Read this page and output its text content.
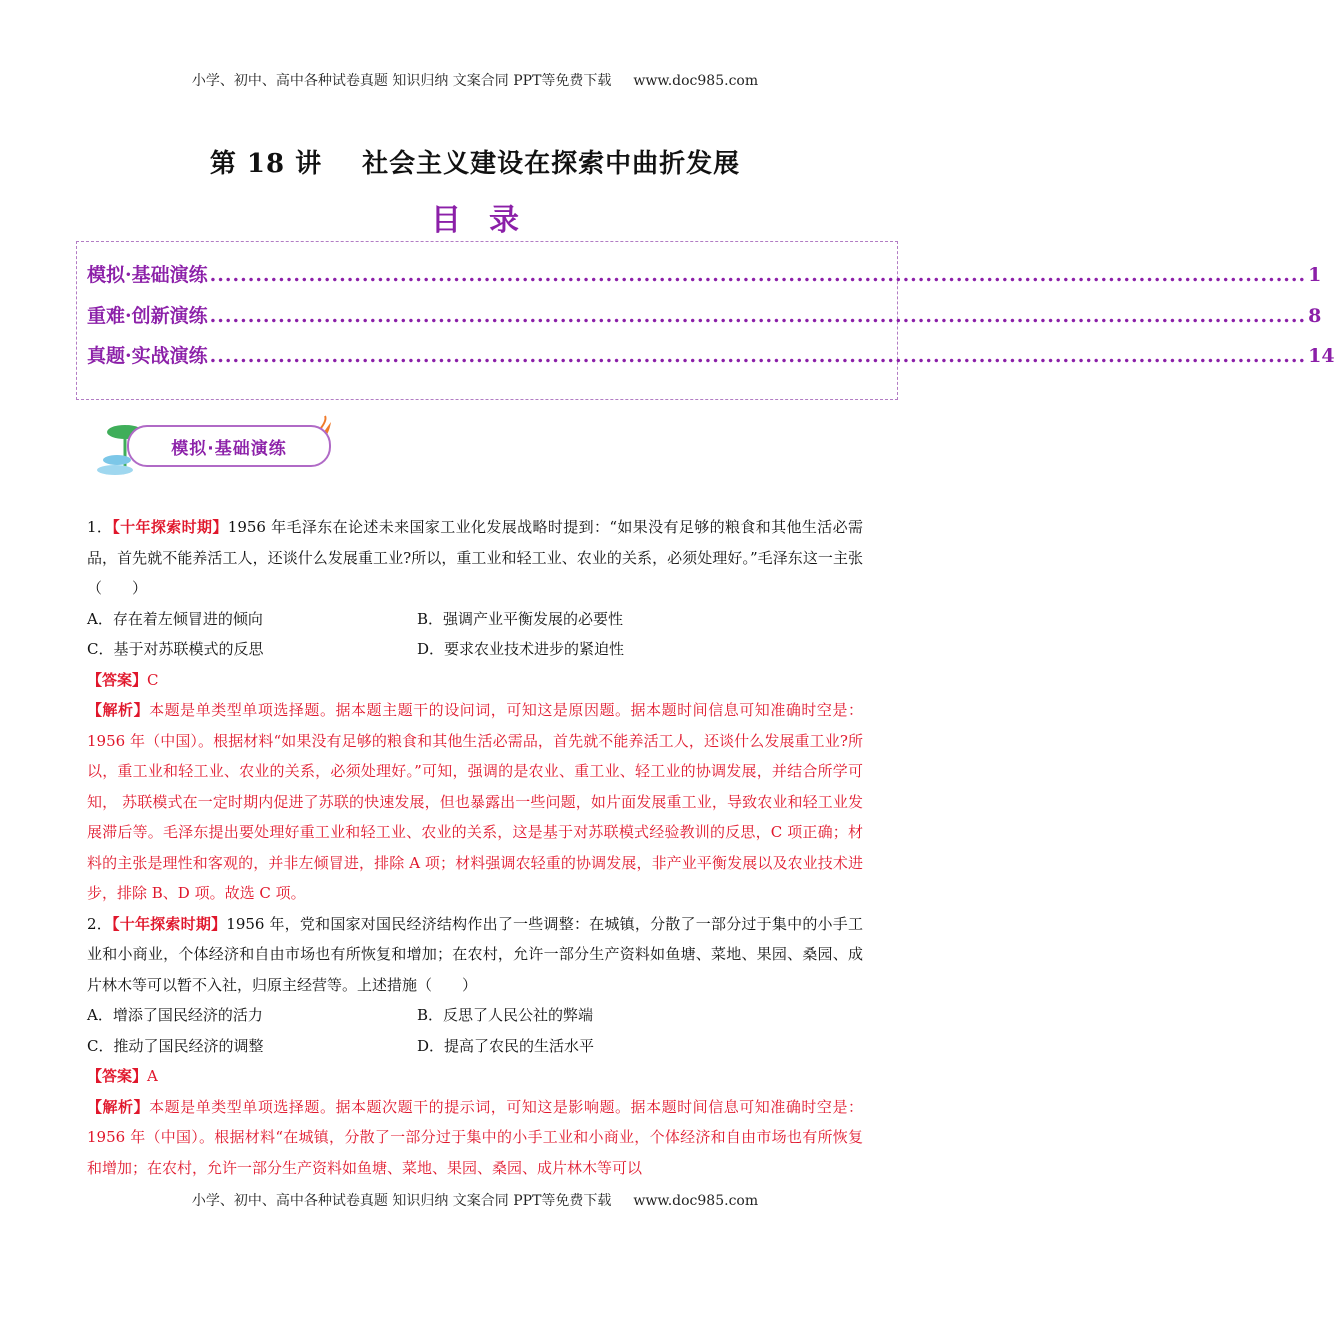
小学、初中、高中各种试卷真题 知识归纳 文案合同 PPT等免费下载 www.doc985.com
第 18 讲 社会主义建设在探索中曲折发展
目录
模拟·基础演练 ................................................................................................................................................ 1
重难·创新演练 ................................................................................................................................................ 8
真题·实战演练 ................................................................................................................................................ 14
模拟·基础演练

1．【十年探索时期】1956 年毛泽东在论述未来国家工业化发展战略时提到：“如果没有足够的粮食和其他生活必需品，首先就不能养活工人，还谈什么发展重工业?所以，重工业和轻工业、农业的关系，必须处理好。”毛泽东这一主张（　　）

A．存在着左倾冒进的倾向	B．强调产业平衡发展的必要性
C．基于对苏联模式的反思	D．要求农业技术进步的紧迫性

【答案】C

【解析】本题是单类型单项选择题。据本题主题干的设问词，可知这是原因题。据本题时间信息可知准确时空是：1956 年（中国）。根据材料“如果没有足够的粮食和其他生活必需品，首先就不能养活工人，还谈什么发展重工业?所以，重工业和轻工业、农业的关系，必须处理好。”可知，强调的是农业、重工业、轻工业的协调发展，并结合所学可知， 苏联模式在一定时期内促进了苏联的快速发展，但也暴露出一些问题，如片面发展重工业，导致农业和轻工业发展滞后等。毛泽东提出要处理好重工业和轻工业、农业的关系，这是基于对苏联模式经验教训的反思，C 项正确；材料的主张是理性和客观的，并非左倾冒进，排除 A 项；材料强调农轻重的协调发展，非产业平衡发展以及农业技术进步，排除 B、D 项。故选 C 项。

2．【十年探索时期】1956 年，党和国家对国民经济结构作出了一些调整：在城镇，分散了一部分过于集中的小手工业和小商业，个体经济和自由市场也有所恢复和增加；在农村，允许一部分生产资料如鱼塘、菜地、果园、桑园、成片林木等可以暂不入社，归原主经营等。上述措施（　　）

A．增添了国民经济的活力	B．反思了人民公社的弊端
C．推动了国民经济的调整	D．提高了农民的生活水平

【答案】A

【解析】本题是单类型单项选择题。据本题次题干的提示词，可知这是影响题。据本题时间信息可知准确时空是：1956 年（中国）。根据材料“在城镇，分散了一部分过于集中的小手工业和小商业，个体经济和自由市场也有所恢复和增加；在农村，允许一部分生产资料如鱼塘、菜地、果园、桑园、成片林木等可以

小学、初中、高中各种试卷真题 知识归纳 文案合同 PPT等免费下载 www.doc985.com
